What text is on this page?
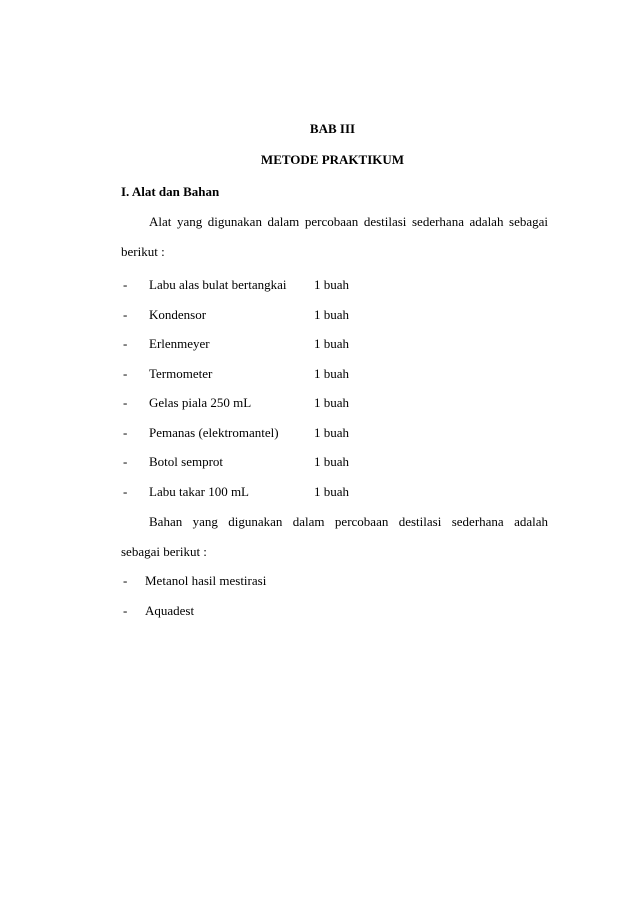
BAB III
METODE PRAKTIKUM
I. Alat dan Bahan
Alat yang digunakan dalam percobaan destilasi sederhana adalah sebagai
berikut :
- Labu alas bulat bertangkai 1 buah
- Kondensor	1 buah
- Erlenmeyer	1 buah
- Termometer	1 buah
- Gelas piala 250 mL	1 buah
- Pemanas (elektromantel)	1 buah
- Botol semprot	1 buah
- Labu takar 100 mL	1 buah
Bahan yang digunakan dalam percobaan destilasi sederhana adalah
sebagai berikut :
- Metanol hasil mestirasi
- Aquadest
